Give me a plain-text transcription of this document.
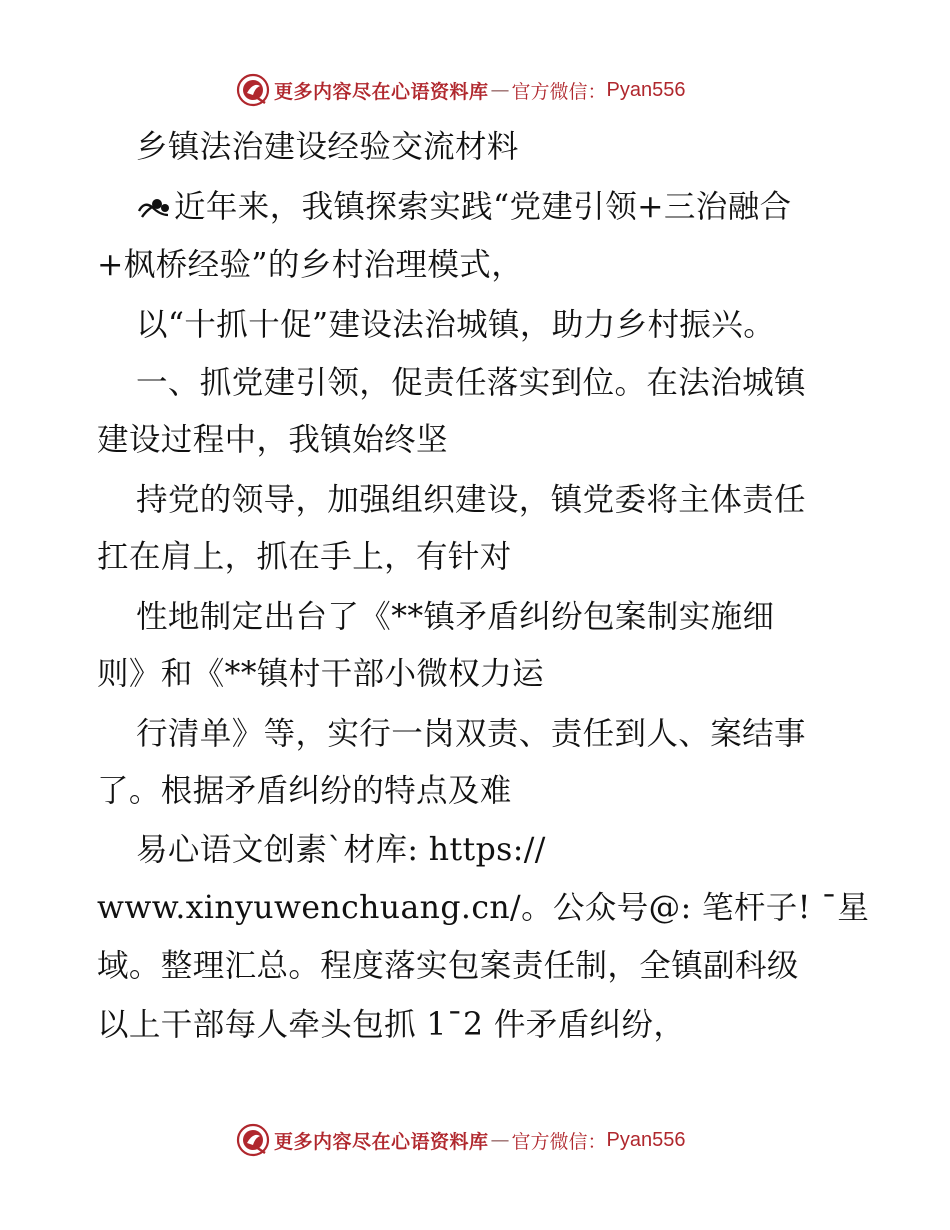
更多内容尽在心语资料库 — 官方微信： Pyan556
乡镇法治建设经验交流材料
近年来，我镇探索实践“党建引领+三治融合
+枫桥经验”的乡村治理模式，
以“十抓十促”建设法治城镇，助力乡村振兴。
一、抓党建引领，促责任落实到位。在法治城镇
建设过程中，我镇始终坚
持党的领导，加强组织建设，镇党委将主体责任
扛在肩上，抓在手上，有针对
性地制定出台了《**镇矛盾纠纷包案制实施细
则》和《**镇村干部小微权力运
行清单》等，实行一岗双责、责任到人、案结事
了。根据矛盾纠纷的特点及难
易心语文创素`材库: https://
www.xinyuwenchuang.cn/。公众号@: 笔杆子! ¯星
域。整理汇总。程度落实包案责任制，全镇副科级
以上干部每人牵头包抓 1¯2 件矛盾纠纷，
更多内容尽在心语资料库 — 官方微信： Pyan556
